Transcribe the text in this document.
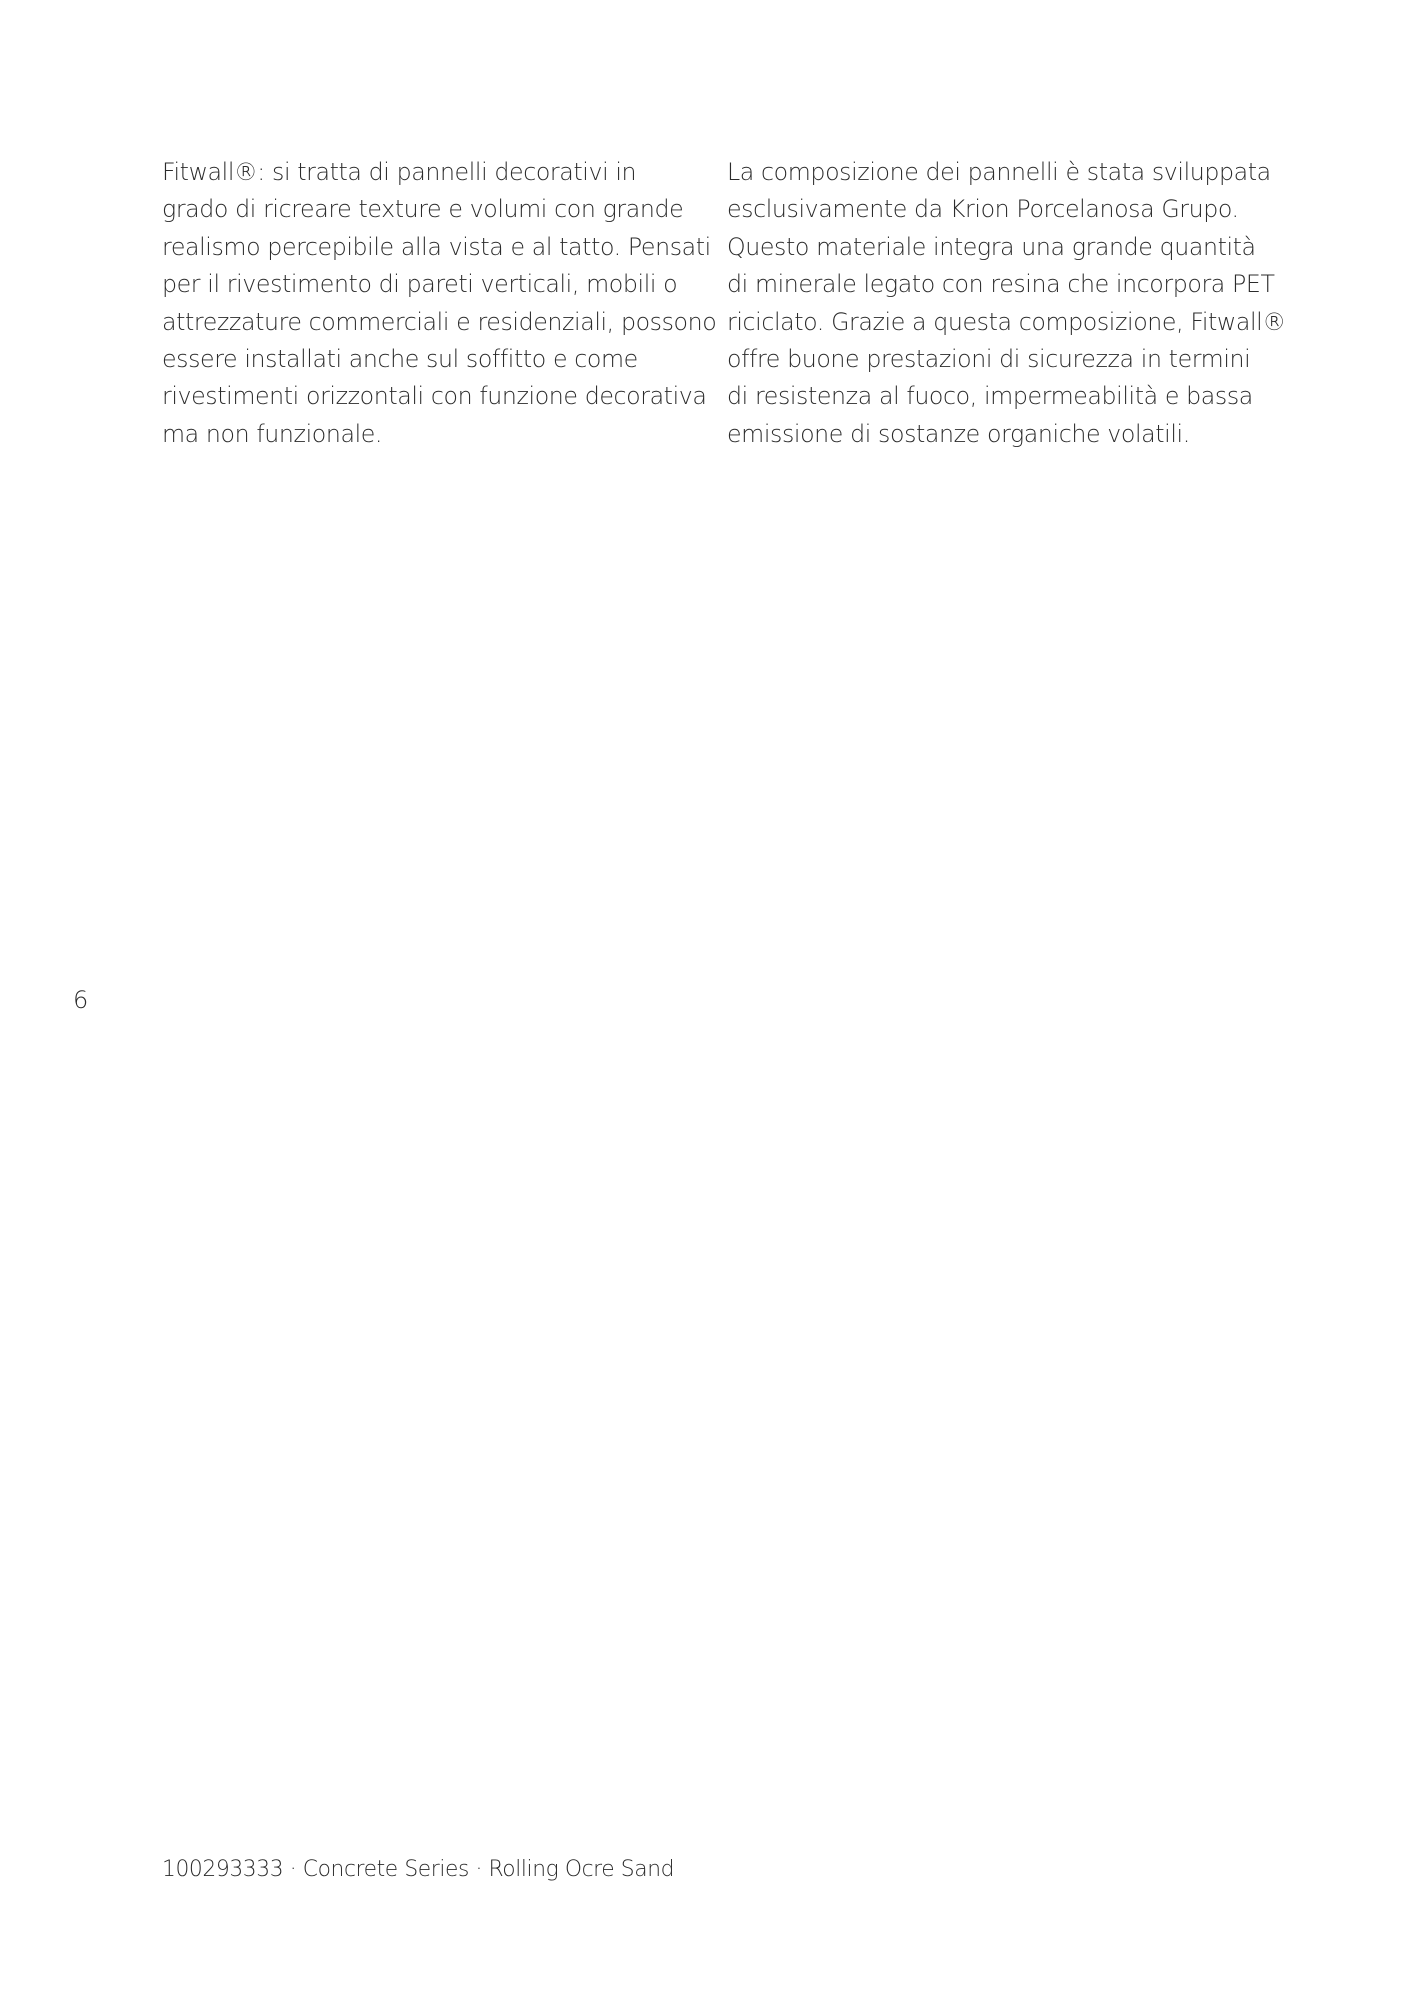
Fitwall®: si tratta di pannelli decorativi in
grado di ricreare texture e volumi con grande
realismo percepibile alla vista e al tatto. Pensati
per il rivestimento di pareti verticali, mobili o
attrezzature commerciali e residenziali, possono
essere installati anche sul soffitto e come
rivestimenti orizzontali con funzione decorativa
ma non funzionale.
La composizione dei pannelli è stata sviluppata
esclusivamente da Krion Porcelanosa Grupo.
Questo materiale integra una grande quantità
di minerale legato con resina che incorpora PET
riciclato. Grazie a questa composizione, Fitwall®
offre buone prestazioni di sicurezza in termini
di resistenza al fuoco, impermeabilità e bassa
emissione di sostanze organiche volatili.
6
100293333 · Concrete Series · Rolling Ocre Sand
